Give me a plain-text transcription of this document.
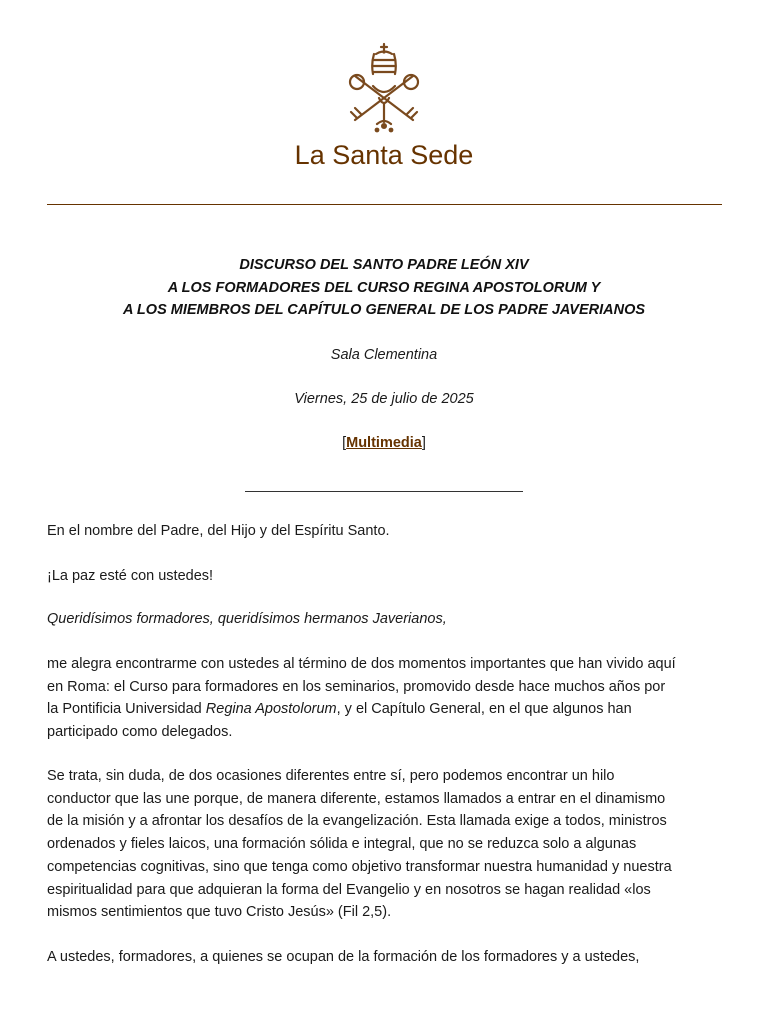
La Santa Sede
DISCURSO DEL SANTO PADRE LEÓN XIV
A LOS FORMADORES DEL CURSO REGINA APOSTOLORUM Y
A LOS MIEMBROS DEL CAPÍTULO GENERAL DE LOS PADRE JAVERIANOS
Sala Clementina
Viernes, 25 de julio de 2025
[Multimedia]

En el nombre del Padre, del Hijo y del Espíritu Santo.

¡La paz esté con ustedes!

Queridísimos formadores, queridísimos hermanos Javerianos,

me alegra encontrarme con ustedes al término de dos momentos importantes que han vivido aquí
en Roma: el Curso para formadores en los seminarios, promovido desde hace muchos años por
la Pontificia Universidad Regina Apostolorum, y el Capítulo General, en el que algunos han
participado como delegados.
Se trata, sin duda, de dos ocasiones diferentes entre sí, pero podemos encontrar un hilo
conductor que las une porque, de manera diferente, estamos llamados a entrar en el dinamismo
de la misión y a afrontar los desafíos de la evangelización. Esta llamada exige a todos, ministros
ordenados y fieles laicos, una formación sólida e integral, que no se reduzca solo a algunas
competencias cognitivas, sino que tenga como objetivo transformar nuestra humanidad y nuestra
espiritualidad para que adquieran la forma del Evangelio y en nosotros se hagan realidad «los
mismos sentimientos que tuvo Cristo Jesús» (Fil 2,5).

A ustedes, formadores, a quienes se ocupan de la formación de los formadores y a ustedes,
